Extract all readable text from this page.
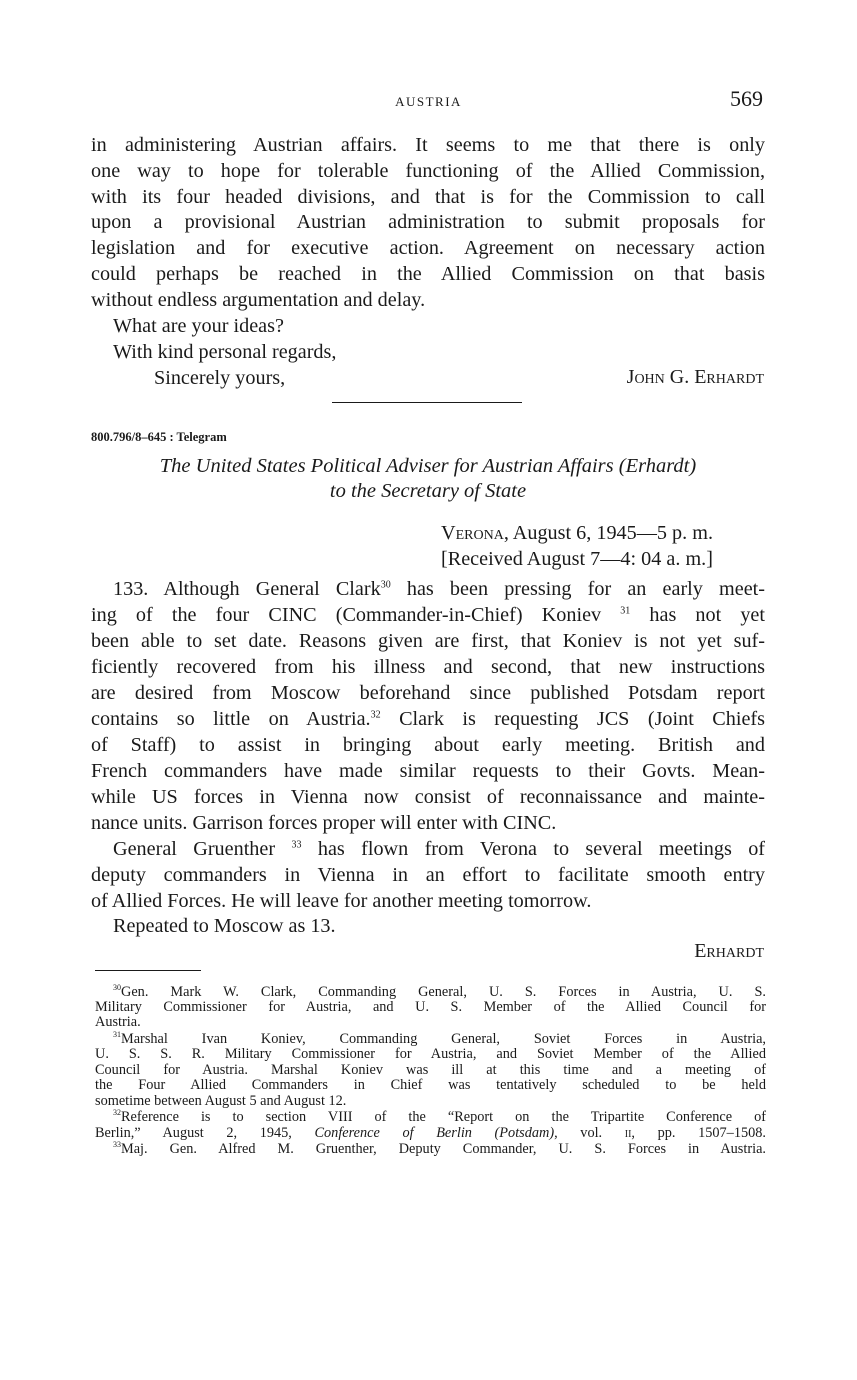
AUSTRIA	569
in administering Austrian affairs. It seems to me that there is only
one way to hope for tolerable functioning of the Allied Commission,
with its four headed divisions, and that is for the Commission to call
upon a provisional Austrian administration to submit proposals for
legislation and for executive action. Agreement on necessary action
could perhaps be reached in the Allied Commission on that basis
without endless argumentation and delay.
What are your ideas?
With kind personal regards,
Sincerely yours,	John G. Erhardt
800.796/8–645 : Telegram
The United States Political Adviser for Austrian Affairs (Erhardt)
to the Secretary of State
Verona, August 6, 1945—5 p. m.
[Received August 7—4: 04 a. m.]
133. Although General Clark$^{30}$ has been pressing for an early meet-
ing of the four CINC (Commander-in-Chief) Koniev $^{31}$ has not yet
been able to set date. Reasons given are first, that Koniev is not yet suf-
ficiently recovered from his illness and second, that new instructions
are desired from Moscow beforehand since published Potsdam report
contains so little on Austria.$^{32}$ Clark is requesting JCS (Joint Chiefs
of Staff) to assist in bringing about early meeting. British and
French commanders have made similar requests to their Govts. Mean-
while US forces in Vienna now consist of reconnaissance and mainte-
nance units. Garrison forces proper will enter with CINC.
General Gruenther $^{33}$ has flown from Verona to several meetings of
deputy commanders in Vienna in an effort to facilitate smooth entry
of Allied Forces. He will leave for another meeting tomorrow.
Repeated to Moscow as 13.
Erhardt
$^{30}$Gen. Mark W. Clark, Commanding General, U. S. Forces in Austria, U. S.
Military Commissioner for Austria, and U. S. Member of the Allied Council for
Austria.
$^{31}$Marshal Ivan Koniev, Commanding General, Soviet Forces in Austria,
U. S. S. R. Military Commissioner for Austria, and Soviet Member of the Allied
Council for Austria. Marshal Koniev was ill at this time and a meeting of
the Four Allied Commanders in Chief was tentatively scheduled to be held
sometime between August 5 and August 12.
$^{32}$Reference is to section VIII of the “Report on the Tripartite Conference of
Berlin,” August 2, 1945, Conference of Berlin (Potsdam), vol. ii, pp. 1507–1508.
$^{33}$Maj. Gen. Alfred M. Gruenther, Deputy Commander, U. S. Forces in Austria.
